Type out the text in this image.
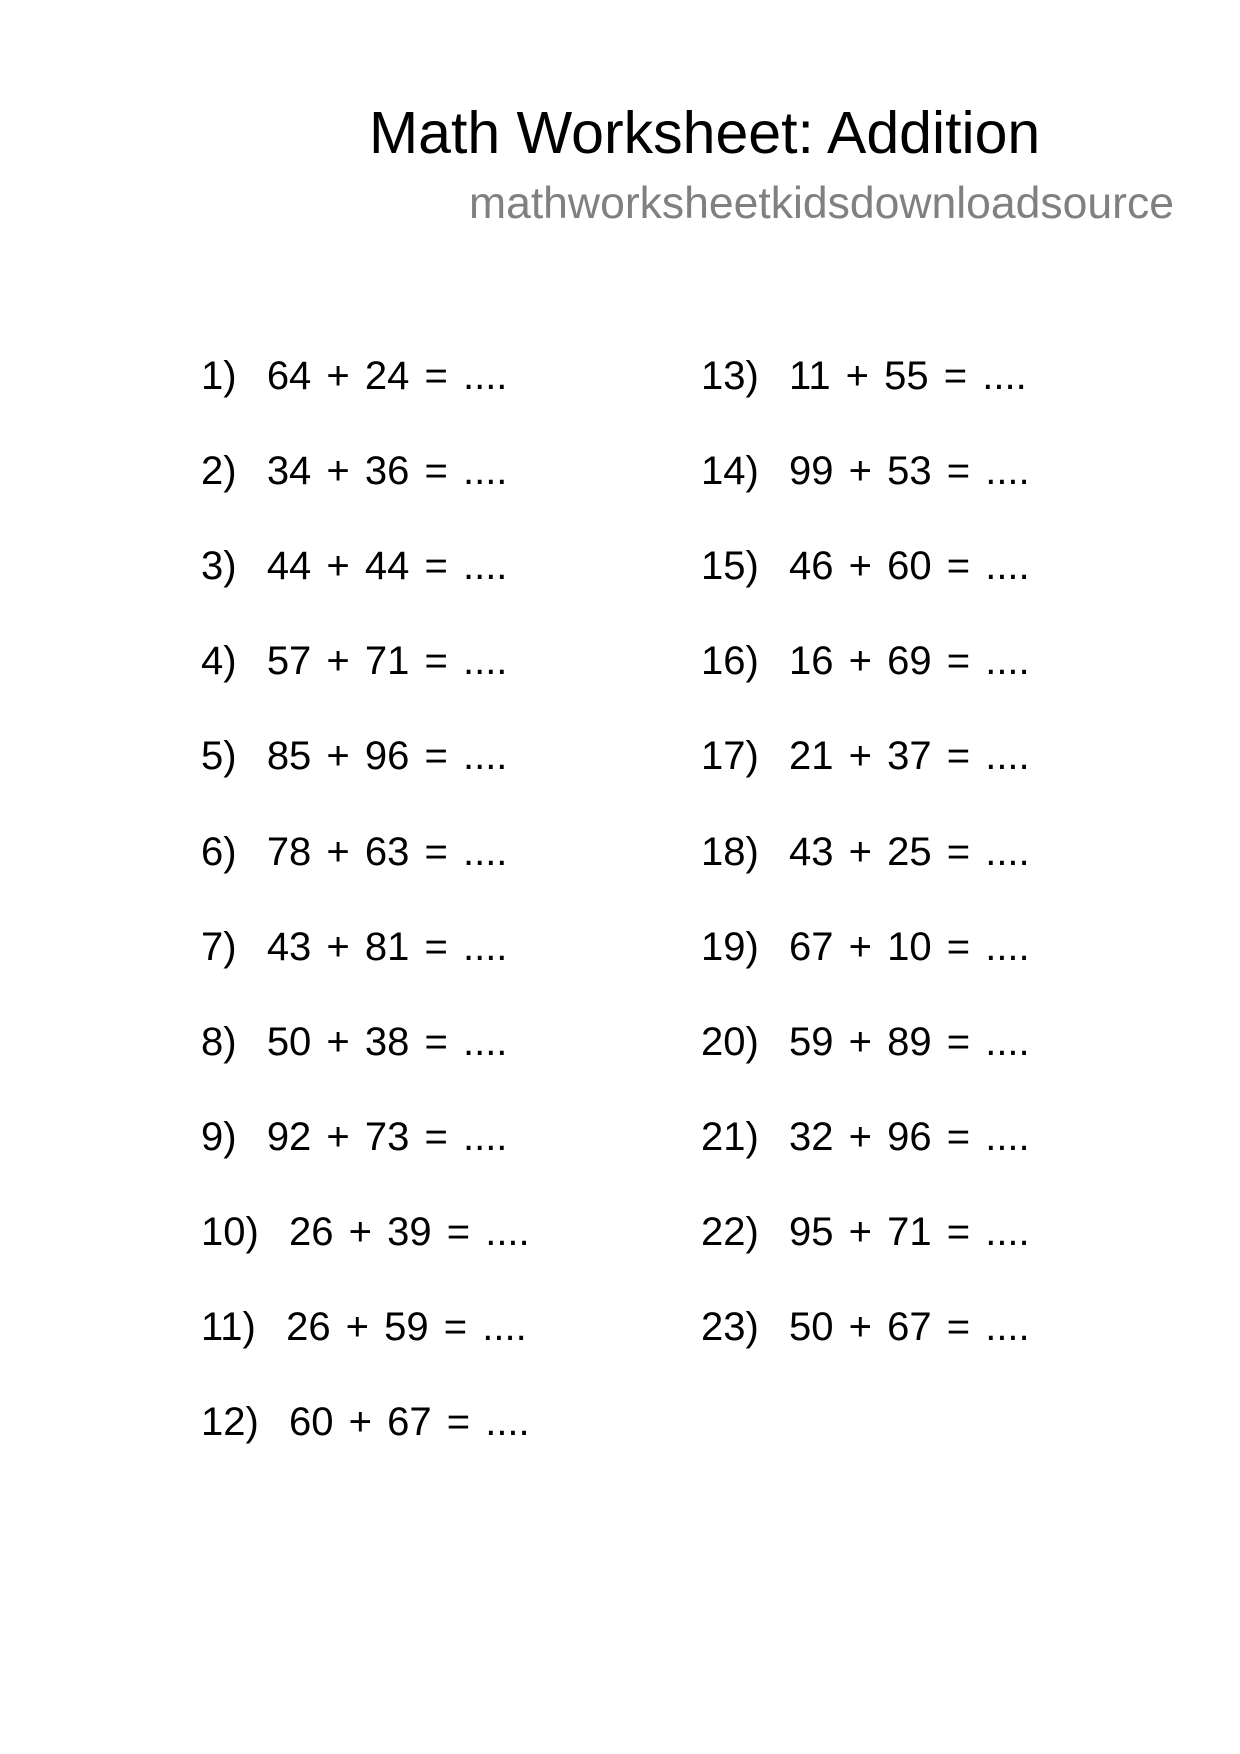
Math Worksheet: Addition
mathworksheetkidsdownloadsource
1) 64 + 24 = ....
2) 34 + 36 = ....
3) 44 + 44 = ....
4) 57 + 71 = ....
5) 85 + 96 = ....
6) 78 + 63 = ....
7) 43 + 81 = ....
8) 50 + 38 = ....
9) 92 + 73 = ....
10) 26 + 39 = ....
11) 26 + 59 = ....
12) 60 + 67 = ....
13) 11 + 55 = ....
14) 99 + 53 = ....
15) 46 + 60 = ....
16) 16 + 69 = ....
17) 21 + 37 = ....
18) 43 + 25 = ....
19) 67 + 10 = ....
20) 59 + 89 = ....
21) 32 + 96 = ....
22) 95 + 71 = ....
23) 50 + 67 = ....
